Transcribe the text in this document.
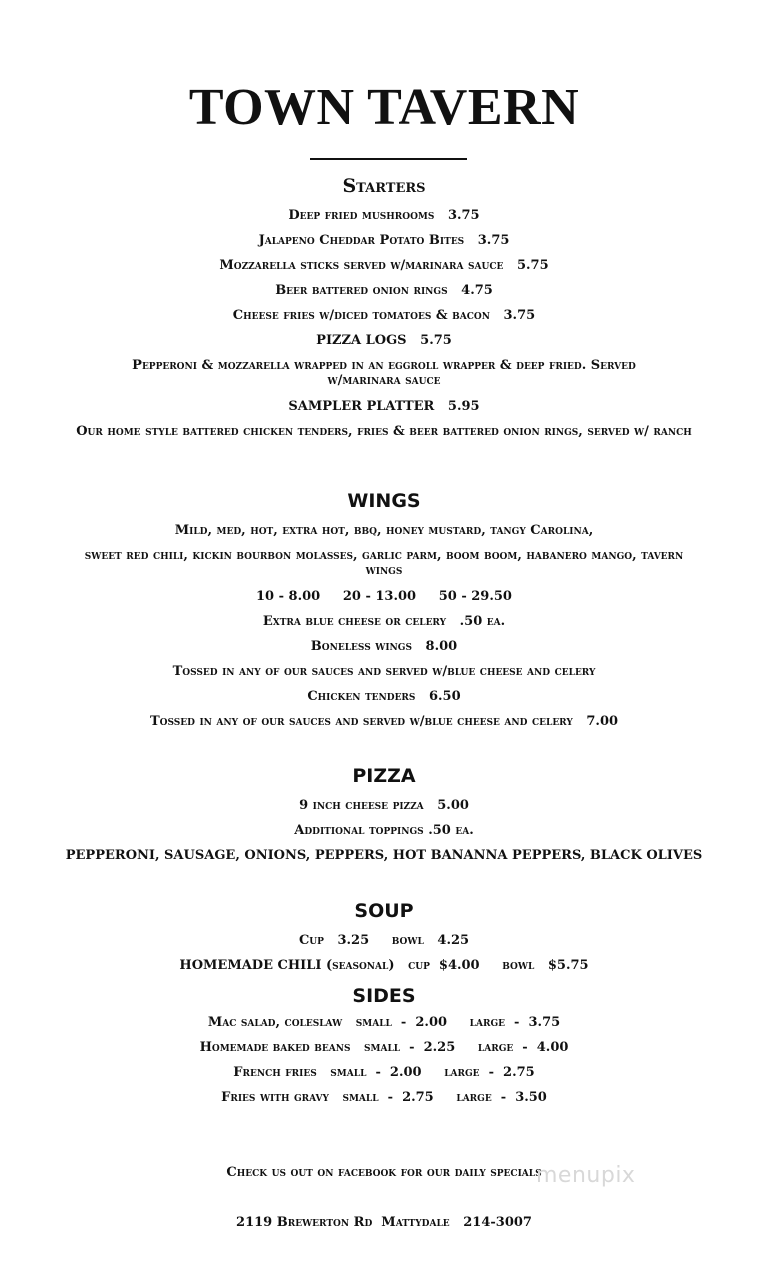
TOWN TAVERN
Starters
Deep fried mushrooms   3.75
Jalapeno Cheddar Potato Bites   3.75
Mozzarella sticks served w/marinara sauce   5.75
Beer battered onion rings   4.75
Cheese fries w/diced tomatoes & bacon   3.75
PIZZA LOGS   5.75
Pepperoni & mozzarella wrapped in an eggroll wrapper & deep fried. Served w/marinara sauce
SAMPLER PLATTER   5.95
Our home style battered chicken tenders, fries & beer battered onion rings, served w/ ranch
WINGS
Mild, med, hot, extra hot, bbq, honey mustard, tangy Carolina,
sweet red chili, kickin bourbon molasses, garlic parm, boom boom, habanero mango, tavern wings
10 - 8.00     20 - 13.00     50 - 29.50
Extra blue cheese or celery   .50 ea.
Boneless wings   8.00
Tossed in any of our sauces and served w/blue cheese and celery
Chicken tenders   6.50
Tossed in any of our sauces and served w/blue cheese and celery   7.00
PIZZA
9 inch cheese pizza   5.00
Additional toppings .50 ea.
PEPPERONI, SAUSAGE, ONIONS, PEPPERS, HOT BANANNA PEPPERS, BLACK OLIVES
SOUP
Cup   3.25     bowl   4.25
HOMEMADE CHILI (seasonal)   cup  $4.00     bowl   $5.75
SIDES
Mac salad, coleslaw   small  -  2.00     large  -  3.75
Homemade baked beans   small  -  2.25     large  -  4.00
French fries   small  -  2.00     large  -  2.75
Fries with gravy   small  -  2.75     large  -  3.50
Check us out on facebook for our daily specials
2119 Brewerton Rd  Mattydale   214-3007
menupix
